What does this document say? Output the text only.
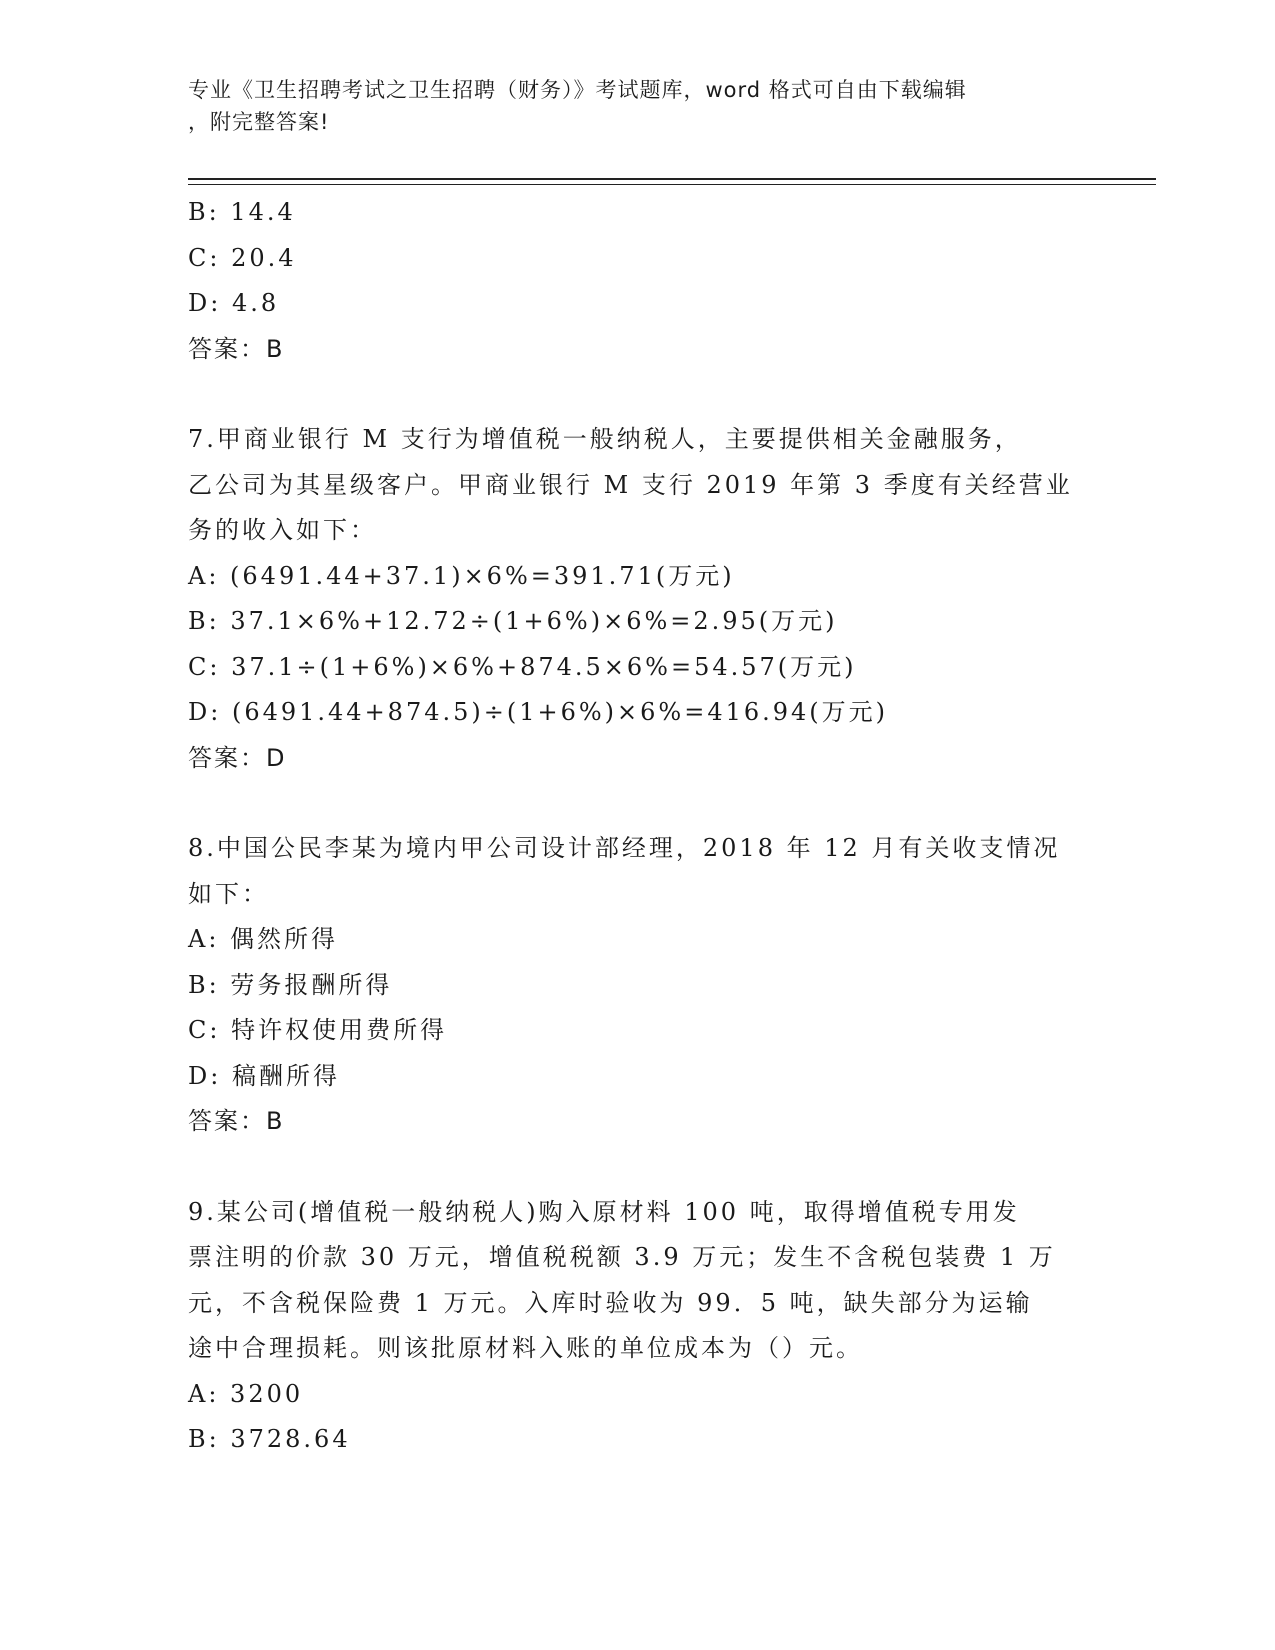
专业《卫生招聘考试之卫生招聘（财务）》考试题库，word 格式可自由下载编辑
，附完整答案!
B: 14.4
C: 20.4
D: 4.8
答案：B
7.甲商业银行 M 支行为增值税一般纳税人，主要提供相关金融服务，
乙公司为其星级客户。甲商业银行 M 支行 2019 年第 3 季度有关经营业
务的收入如下：
A: (6491.44+37.1)×6%=391.71(万元)
B: 37.1×6%+12.72÷(1+6%)×6%=2.95(万元)
C: 37.1÷(1+6%)×6%+874.5×6%=54.57(万元)
D: (6491.44+874.5)÷(1+6%)×6%=416.94(万元)
答案：D
8.中国公民李某为境内甲公司设计部经理，2018 年 12 月有关收支情况
如下：
A: 偶然所得
B: 劳务报酬所得
C: 特许权使用费所得
D: 稿酬所得
答案：B
9.某公司(增值税一般纳税人)购入原材料 100 吨，取得增值税专用发
票注明的价款 30 万元，增值税税额 3.9 万元；发生不含税包装费 1 万
元，不含税保险费 1 万元。入库时验收为 99．5 吨，缺失部分为运输
途中合理损耗。则该批原材料入账的单位成本为（）元。
A: 3200
B: 3728.64
